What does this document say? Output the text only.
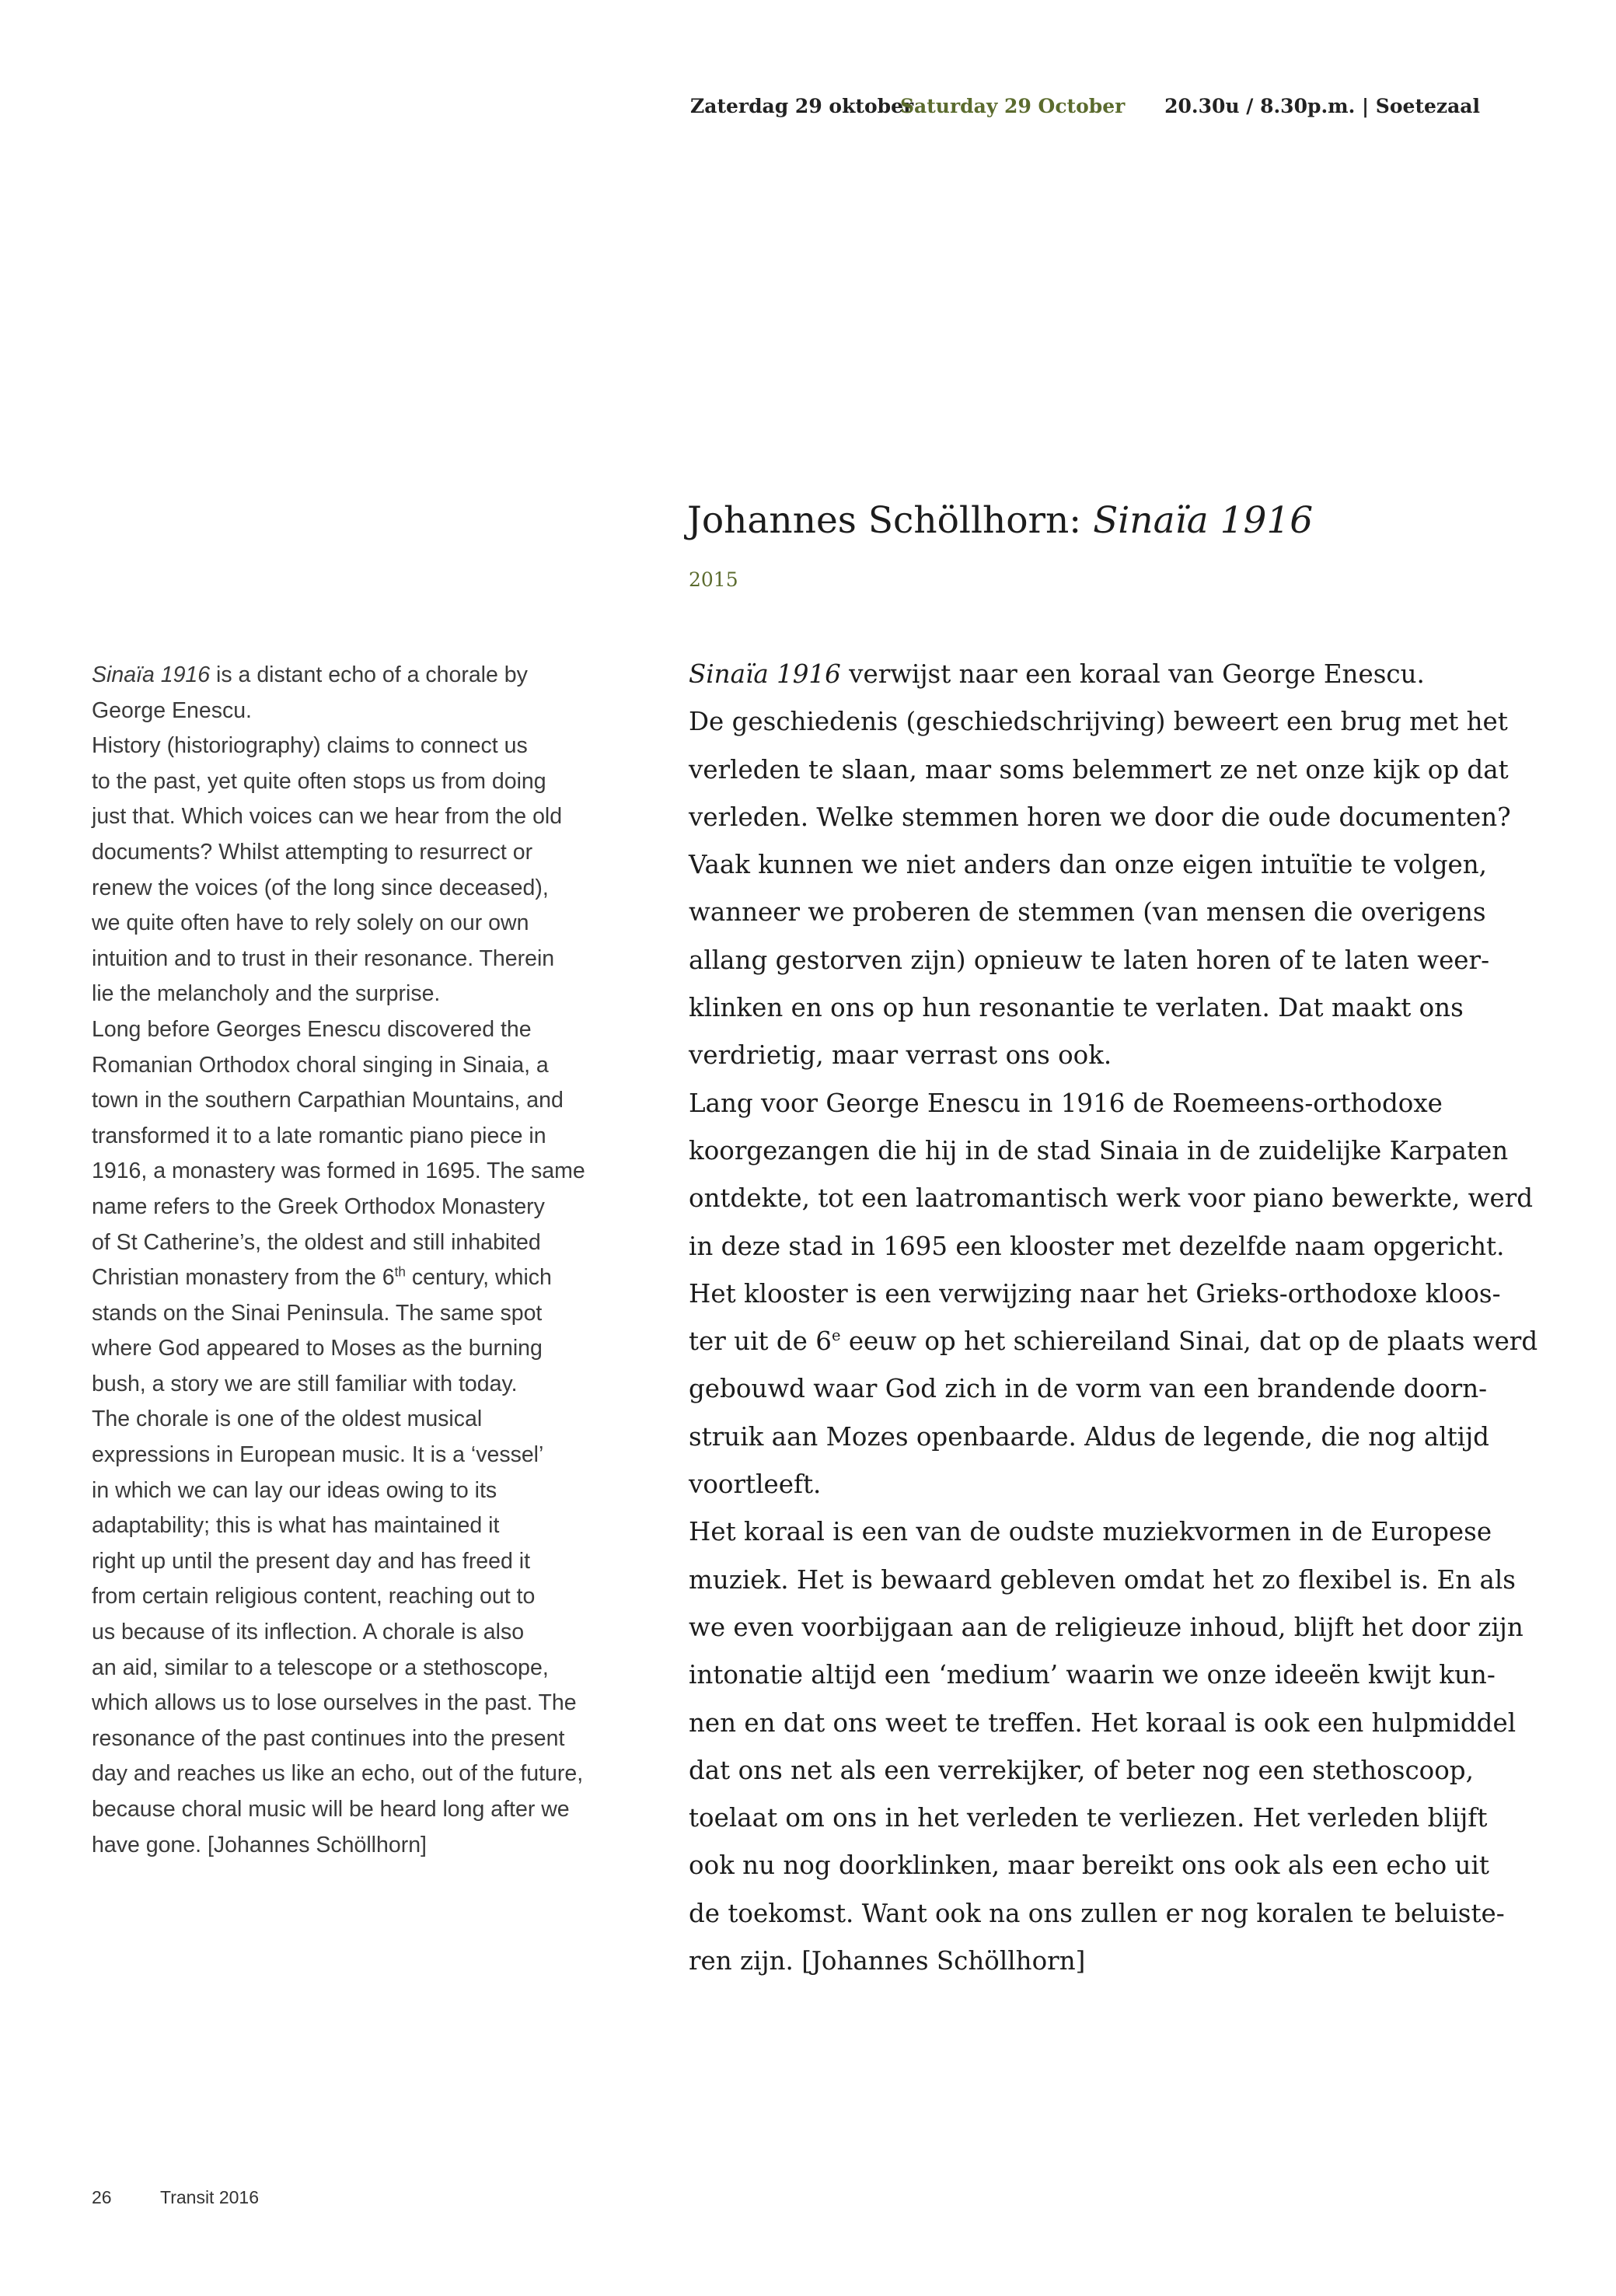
Zaterdag 29 oktober
Saturday 29 October 20.30u / 8.30p.m. | Soetezaal
Johannes Schöllhorn: Sinaïa 1916
2015
Sinaïa 1916 is a distant echo of a chorale by
George Enescu.
History (historiography) claims to connect us
to the past, yet quite often stops us from doing
just that. Which voices can we hear from the old
documents? Whilst attempting to resurrect or
renew the voices (of the long since deceased),
we quite often have to rely solely on our own
intuition and to trust in their resonance. Therein
lie the melancholy and the surprise.
Long before Georges Enescu discovered the
Romanian Orthodox choral singing in Sinaia, a
town in the southern Carpathian Mountains, and
transformed it to a late romantic piano piece in
1916, a monastery was formed in 1695. The same
name refers to the Greek Orthodox Monastery
of St Catherine’s, the oldest and still inhabited
Christian monastery from the 6th century, which
stands on the Sinai Peninsula. The same spot
where God appeared to Moses as the burning
bush, a story we are still familiar with today.
The chorale is one of the oldest musical
expressions in European music. It is a ‘vessel’
in which we can lay our ideas owing to its
adaptability; this is what has maintained it
right up until the present day and has freed it
from certain religious content, reaching out to
us because of its inflection. A chorale is also
an aid, similar to a telescope or a stethoscope,
which allows us to lose ourselves in the past. The
resonance of the past continues into the present
day and reaches us like an echo, out of the future,
because choral music will be heard long after we
have gone. [Johannes Schöllhorn]
Sinaïa 1916 verwijst naar een koraal van George Enescu.
De geschiedenis (geschiedschrijving) beweert een brug met het
verleden te slaan, maar soms belemmert ze net onze kijk op dat
verleden. Welke stemmen horen we door die oude documenten?
Vaak kunnen we niet anders dan onze eigen intuïtie te volgen,
wanneer we proberen de stemmen (van mensen die overigens
allang gestorven zijn) opnieuw te laten horen of te laten weer-
klinken en ons op hun resonantie te verlaten. Dat maakt ons
verdrietig, maar verrast ons ook.
Lang voor George Enescu in 1916 de Roemeens-orthodoxe
koorgezangen die hij in de stad Sinaia in de zuidelijke Karpaten
ontdekte, tot een laatromantisch werk voor piano bewerkte, werd
in deze stad in 1695 een klooster met dezelfde naam opgericht.
Het klooster is een verwijzing naar het Grieks-orthodoxe kloos-
ter uit de 6e eeuw op het schiereiland Sinai, dat op de plaats werd
gebouwd waar God zich in de vorm van een brandende doorn-
struik aan Mozes openbaarde. Aldus de legende, die nog altijd
voortleeft.
Het koraal is een van de oudste muziekvormen in de Europese
muziek. Het is bewaard gebleven omdat het zo flexibel is. En als
we even voorbijgaan aan de religieuze inhoud, blijft het door zijn
intonatie altijd een ‘medium’ waarin we onze ideeën kwijt kun-
nen en dat ons weet te treffen. Het koraal is ook een hulpmiddel
dat ons net als een verrekijker, of beter nog een stethoscoop,
toelaat om ons in het verleden te verliezen. Het verleden blijft
ook nu nog doorklinken, maar bereikt ons ook als een echo uit
de toekomst. Want ook na ons zullen er nog koralen te beluiste-
ren zijn. [Johannes Schöllhorn]
26	Transit 2016
